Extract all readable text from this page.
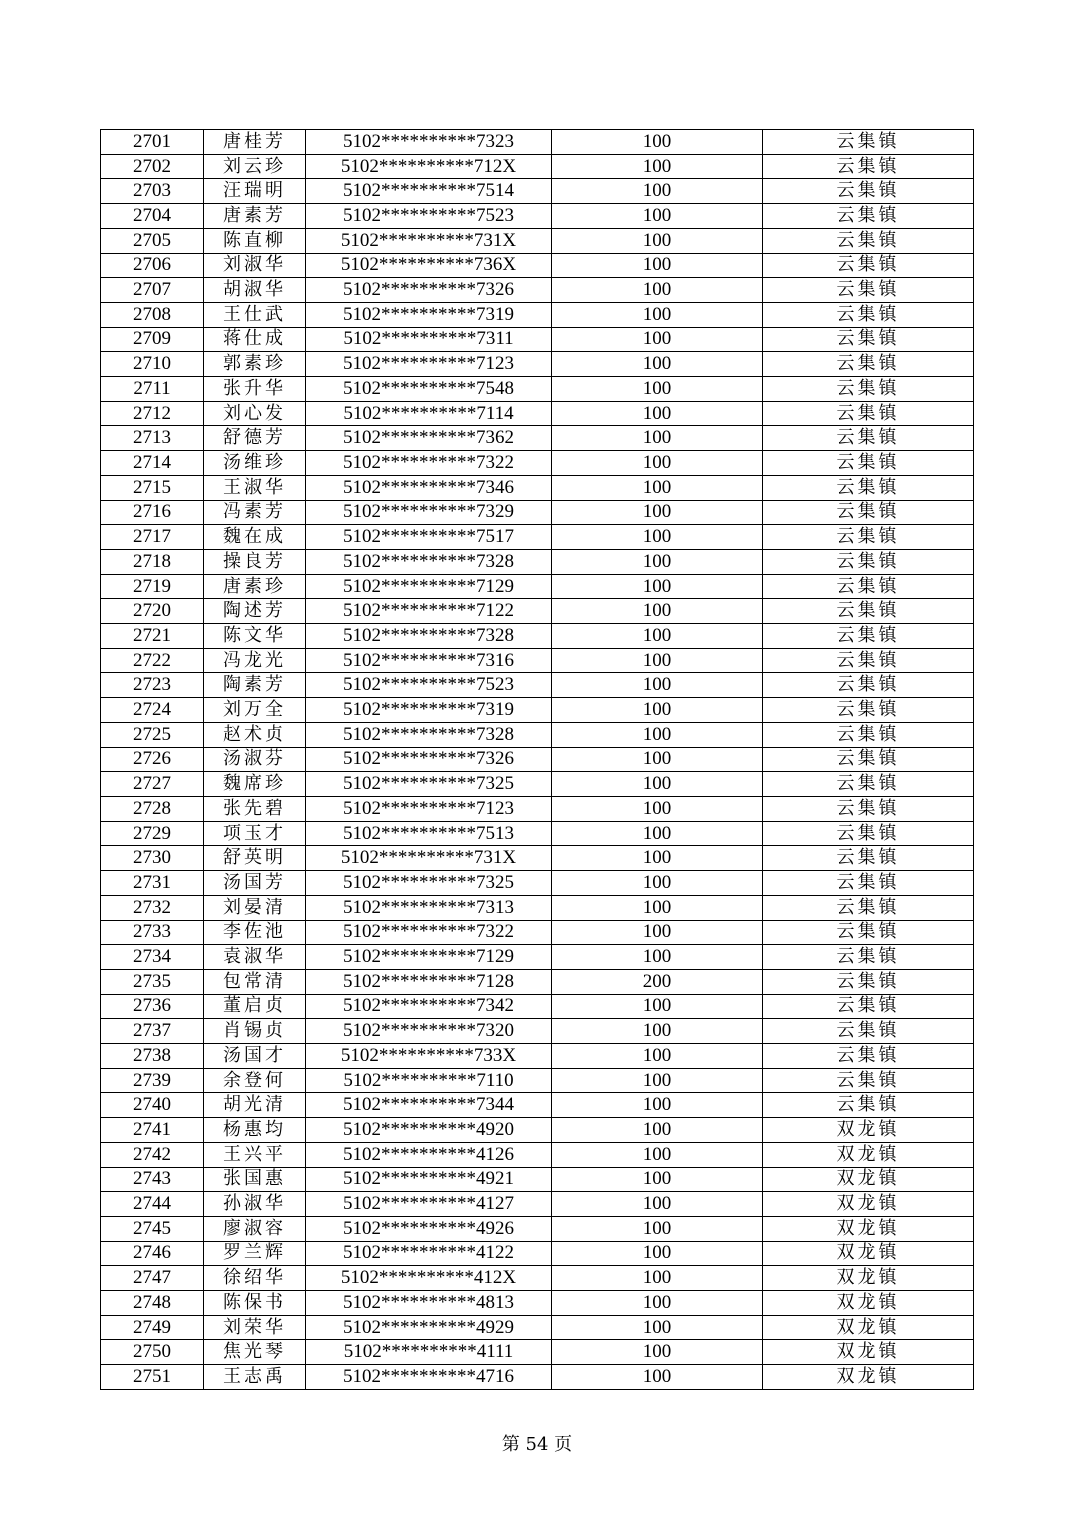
2701	唐桂芳	5102**********7323	100	云集镇
2702	刘云珍	5102**********712X	100	云集镇
2703	汪瑞明	5102**********7514	100	云集镇
2704	唐素芳	5102**********7523	100	云集镇
2705	陈直柳	5102**********731X	100	云集镇
2706	刘淑华	5102**********736X	100	云集镇
2707	胡淑华	5102**********7326	100	云集镇
2708	王仕武	5102**********7319	100	云集镇
2709	蒋仕成	5102**********7311	100	云集镇
2710	郭素珍	5102**********7123	100	云集镇
2711	张升华	5102**********7548	100	云集镇
2712	刘心发	5102**********7114	100	云集镇
2713	舒德芳	5102**********7362	100	云集镇
2714	汤维珍	5102**********7322	100	云集镇
2715	王淑华	5102**********7346	100	云集镇
2716	冯素芳	5102**********7329	100	云集镇
2717	魏在成	5102**********7517	100	云集镇
2718	操良芳	5102**********7328	100	云集镇
2719	唐素珍	5102**********7129	100	云集镇
2720	陶述芳	5102**********7122	100	云集镇
2721	陈文华	5102**********7328	100	云集镇
2722	冯龙光	5102**********7316	100	云集镇
2723	陶素芳	5102**********7523	100	云集镇
2724	刘万全	5102**********7319	100	云集镇
2725	赵术贞	5102**********7328	100	云集镇
2726	汤淑芬	5102**********7326	100	云集镇
2727	魏席珍	5102**********7325	100	云集镇
2728	张先碧	5102**********7123	100	云集镇
2729	项玉才	5102**********7513	100	云集镇
2730	舒英明	5102**********731X	100	云集镇
2731	汤国芳	5102**********7325	100	云集镇
2732	刘晏清	5102**********7313	100	云集镇
2733	李佐池	5102**********7322	100	云集镇
2734	袁淑华	5102**********7129	100	云集镇
2735	包常清	5102**********7128	200	云集镇
2736	董启贞	5102**********7342	100	云集镇
2737	肖锡贞	5102**********7320	100	云集镇
2738	汤国才	5102**********733X	100	云集镇
2739	余登何	5102**********7110	100	云集镇
2740	胡光清	5102**********7344	100	云集镇
2741	杨惠均	5102**********4920	100	双龙镇
2742	王兴平	5102**********4126	100	双龙镇
2743	张国惠	5102**********4921	100	双龙镇
2744	孙淑华	5102**********4127	100	双龙镇
2745	廖淑容	5102**********4926	100	双龙镇
2746	罗兰辉	5102**********4122	100	双龙镇
2747	徐绍华	5102**********412X	100	双龙镇
2748	陈保书	5102**********4813	100	双龙镇
2749	刘荣华	5102**********4929	100	双龙镇
2750	焦光琴	5102**********4111	100	双龙镇
2751	王志禹	5102**********4716	100	双龙镇
第 54 页
